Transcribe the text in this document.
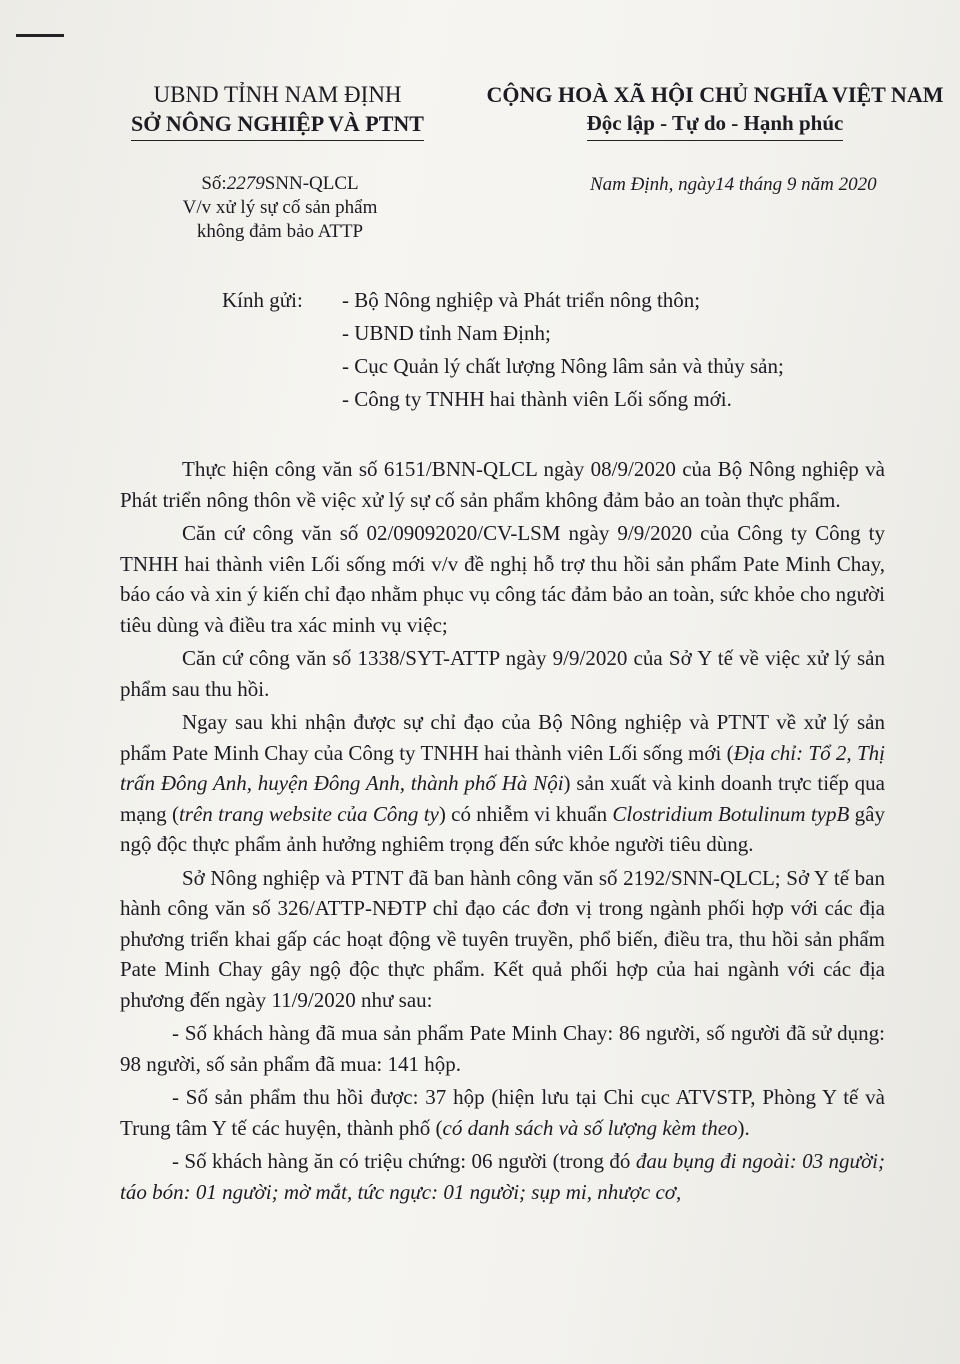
UBND TỈNH NAM ĐỊNH
SỞ NÔNG NGHIỆP VÀ PTNT
CỘNG HOÀ XÃ HỘI CHỦ NGHĨA VIỆT NAM
Độc lập - Tự do - Hạnh phúc
Số:2279SNN-QLCL
V/v xử lý sự cố sản phẩm
không đảm bảo ATTP
Nam Định, ngày14 tháng 9 năm 2020
Kính gửi: - Bộ Nông nghiệp và Phát triển nông thôn;
- UBND tỉnh Nam Định;
- Cục Quản lý chất lượng Nông lâm sản và thủy sản;
- Công ty TNHH hai thành viên Lối sống mới.

Thực hiện công văn số 6151/BNN-QLCL ngày 08/9/2020 của Bộ Nông nghiệp và Phát triển nông thôn về việc xử lý sự cố sản phẩm không đảm bảo an toàn thực phẩm.

Căn cứ công văn số 02/09092020/CV-LSM ngày 9/9/2020 của Công ty Công ty TNHH hai thành viên Lối sống mới v/v đề nghị hỗ trợ thu hồi sản phẩm Pate Minh Chay, báo cáo và xin ý kiến chỉ đạo nhằm phục vụ công tác đảm bảo an toàn, sức khỏe cho người tiêu dùng và điều tra xác minh vụ việc;

Căn cứ công văn số 1338/SYT-ATTP ngày 9/9/2020 của Sở Y tế về việc xử lý sản phẩm sau thu hồi.

Ngay sau khi nhận được sự chỉ đạo của Bộ Nông nghiệp và PTNT về xử lý sản phẩm Pate Minh Chay của Công ty TNHH hai thành viên Lối sống mới (Địa chỉ: Tổ 2, Thị trấn Đông Anh, huyện Đông Anh, thành phố Hà Nội) sản xuất và kinh doanh trực tiếp qua mạng (trên trang website của Công ty) có nhiễm vi khuẩn Clostridium Botulinum typB gây ngộ độc thực phẩm ảnh hưởng nghiêm trọng đến sức khỏe người tiêu dùng.

Sở Nông nghiệp và PTNT đã ban hành công văn số 2192/SNN-QLCL; Sở Y tế ban hành công văn số 326/ATTP-NĐTP chỉ đạo các đơn vị trong ngành phối hợp với các địa phương triển khai gấp các hoạt động về tuyên truyền, phổ biến, điều tra, thu hồi sản phẩm Pate Minh Chay gây ngộ độc thực phẩm. Kết quả phối hợp của hai ngành với các địa phương đến ngày 11/9/2020 như sau:

- Số khách hàng đã mua sản phẩm Pate Minh Chay: 86 người, số người đã sử dụng: 98 người, số sản phẩm đã mua: 141 hộp.

- Số sản phẩm thu hồi được: 37 hộp (hiện lưu tại Chi cục ATVSTP, Phòng Y tế và Trung tâm Y tế các huyện, thành phố (có danh sách và số lượng kèm theo).

- Số khách hàng ăn có triệu chứng: 06 người (trong đó đau bụng đi ngoài: 03 người; táo bón: 01 người; mờ mắt, tức ngực: 01 người; sụp mi, nhược cơ,
